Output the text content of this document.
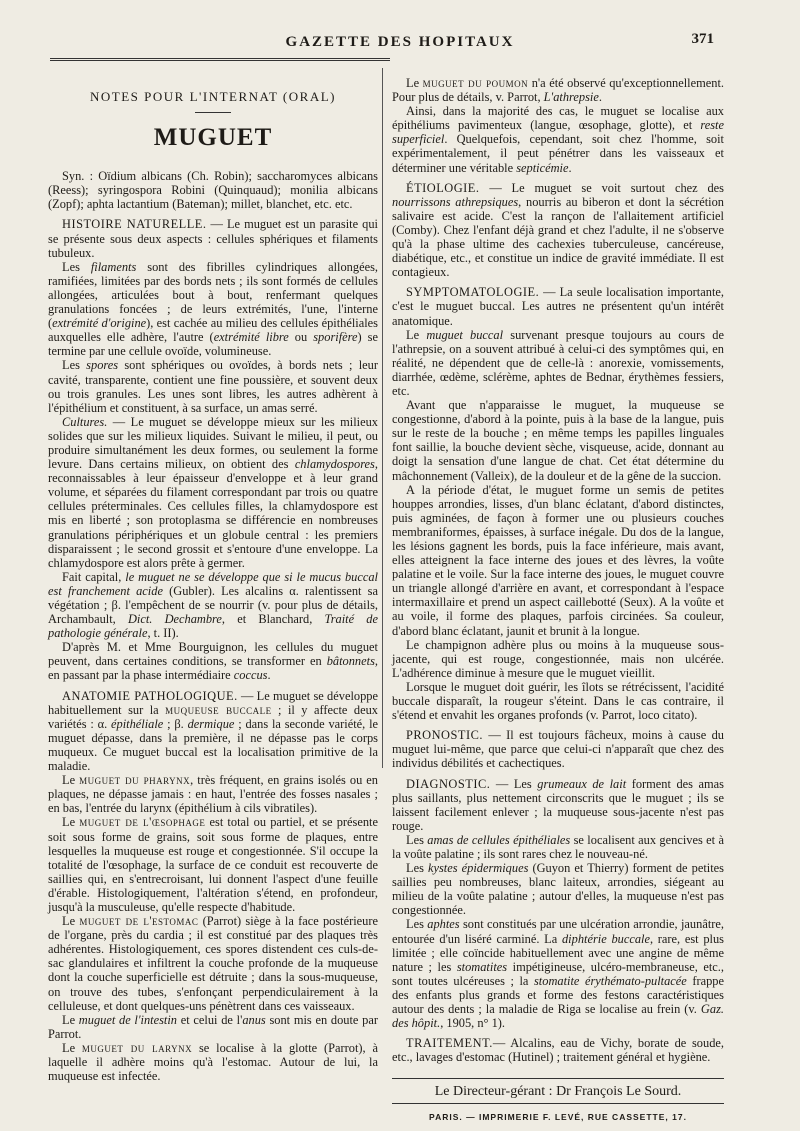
GAZETTE DES HOPITAUX	371
NOTES POUR L'INTERNAT (ORAL)
MUGUET

Syn. : Oïdium albicans (Ch. Robin); saccharomyces albicans (Reess); syringospora Robini (Quinquaud); monilia albicans (Zopf); aphta lactantium (Bateman); millet, blanchet, etc. etc.

HISTOIRE NATURELLE. — Le muguet est un parasite qui se présente sous deux aspects : cellules sphériques et filaments tubuleux.

Les filaments sont des fibrilles cylindriques allongées, ramifiées, limitées par des bords nets ; ils sont formés de cellules allongées, articulées bout à bout, renfermant quelques granulations foncées ; de leurs extrémités, l'une, l'interne (extrémité d'origine), est cachée au milieu des cellules épithéliales auxquelles elle adhère, l'autre (extrémité libre ou sporifère) se termine par une cellule ovoïde, volumineuse.

Les spores sont sphériques ou ovoïdes, à bords nets ; leur cavité, transparente, contient une fine poussière, et souvent deux ou trois granules. Les unes sont libres, les autres adhèrent à l'épithélium et constituent, à sa surface, un amas serré.

Cultures. — Le muguet se développe mieux sur les milieux solides que sur les milieux liquides. Suivant le milieu, il peut, ou produire simultanément les deux formes, ou seulement la forme levure. Dans certains milieux, on obtient des chlamydospores, reconnaissables à leur épaisseur d'enveloppe et à leur grand volume, et séparées du filament correspondant par trois ou quatre cellules préterminales. Ces cellules filles, la chlamydospore est mis en liberté ; son protoplasma se différencie en nombreuses granulations périphériques et un globule central : les premiers disparaissent ; le second grossit et s'entoure d'une enveloppe. La chlamydospore est alors prête à germer.

Fait capital, le muguet ne se développe que si le mucus buccal est franchement acide (Gubler). Les alcalins α. ralentissent sa végétation ; β. l'empêchent de se nourrir (v. pour plus de détails, Archambault, Dict. Dechambre, et Blanchard, Traité de pathologie générale, t. II).

D'après M. et Mme Bourguignon, les cellules du muguet peuvent, dans certaines conditions, se transformer en bâtonnets, en passant par la phase intermédiaire coccus.

ANATOMIE PATHOLOGIQUE. — Le muguet se développe habituellement sur la muqueuse buccale ; il y affecte deux variétés : α. épithéliale ; β. dermique ; dans la seconde variété, le muguet dépasse, dans la première, il ne dépasse pas le corps muqueux. Ce muguet buccal est la localisation primitive de la maladie.

Le muguet du pharynx, très fréquent, en grains isolés ou en plaques, ne dépasse jamais : en haut, l'entrée des fosses nasales ; en bas, l'entrée du larynx (épithélium à cils vibratiles).

Le muguet de l'œsophage est total ou partiel, et se présente soit sous forme de grains, soit sous forme de plaques, entre lesquelles la muqueuse est rouge et congestionnée. S'il occupe la totalité de l'œsophage, la surface de ce conduit est recouverte de saillies qui, en s'entrecroisant, lui donnent l'aspect d'une feuille d'érable. Histologiquement, l'altération s'étend, en profondeur, jusqu'à la musculeuse, qu'elle respecte d'habitude.

Le muguet de l'estomac (Parrot) siège à la face postérieure de l'organe, près du cardia ; il est constitué par des plaques très adhérentes. Histologiquement, ces spores distendent ces culs-de-sac glandulaires et infiltrent la couche profonde de la muqueuse dont la couche superficielle est détruite ; dans la sous-muqueuse, on trouve des tubes, s'enfonçant perpendiculairement à la celluleuse, et dont quelques-uns pénètrent dans ces vaisseaux.

Le muguet de l'intestin et celui de l'anus sont mis en doute par Parrot.

Le muguet du larynx se localise à la glotte (Parrot), à laquelle il adhère moins qu'à l'estomac. Autour de lui, la muqueuse est infectée.

Le muguet du poumon n'a été observé qu'exceptionnellement. Pour plus de détails, v. Parrot, L'athrepsie.

Ainsi, dans la majorité des cas, le muguet se localise aux épithéliums pavimenteux (langue, œsophage, glotte), et reste superficiel. Quelquefois, cependant, soit chez l'homme, soit expérimentalement, il peut pénétrer dans les vaisseaux et déterminer une véritable septicémie.

ÉTIOLOGIE. — Le muguet se voit surtout chez des nourrissons athrepsiques, nourris au biberon et dont la sécrétion salivaire est acide. C'est la rançon de l'allaitement artificiel (Comby). Chez l'enfant déjà grand et chez l'adulte, il ne s'observe qu'à la phase ultime des cachexies tuberculeuse, cancéreuse, diabétique, etc., et constitue un indice de gravité immédiate. Il est contagieux.

SYMPTOMATOLOGIE. — La seule localisation importante, c'est le muguet buccal. Les autres ne présentent qu'un intérêt anatomique.

Le muguet buccal survenant presque toujours au cours de l'athrepsie, on a souvent attribué à celui-ci des symptômes qui, en réalité, ne dépendent que de celle-là : anorexie, vomissements, diarrhée, œdème, sclérème, aphtes de Bednar, érythèmes fessiers, etc.

Avant que n'apparaisse le muguet, la muqueuse se congestionne, d'abord à la pointe, puis à la base de la langue, puis sur le reste de la bouche ; en même temps les papilles linguales font saillie, la bouche devient sèche, visqueuse, acide, donnant au doigt la sensation d'une langue de chat. Cet état détermine du mâchonnement (Valleix), de la douleur et de la gêne de la succion.

A la période d'état, le muguet forme un semis de petites houppes arrondies, lisses, d'un blanc éclatant, d'abord distinctes, puis agminées, de façon à former une ou plusieurs couches membraniformes, épaisses, à surface inégale. Du dos de la langue, les lésions gagnent les bords, puis la face inférieure, mais avant, elles atteignent la face interne des joues et des lèvres, la voûte palatine et le voile. Sur la face interne des joues, le muguet couvre un triangle allongé d'arrière en avant, et correspondant à l'espace intermaxillaire et prend un aspect caillebotté (Seux). A la voûte et au voile, il forme des plaques, parfois circinées. Sa couleur, d'abord blanc éclatant, jaunit et brunit à la longue.

Le champignon adhère plus ou moins à la muqueuse sous-jacente, qui est rouge, congestionnée, mais non ulcérée. L'adhérence diminue à mesure que le muguet vieillit.

Lorsque le muguet doit guérir, les îlots se rétrécissent, l'acidité buccale disparaît, la rougeur s'éteint. Dans le cas contraire, il s'étend et envahit les organes profonds (v. Parrot, loco citato).

PRONOSTIC. — Il est toujours fâcheux, moins à cause du muguet lui-même, que parce que celui-ci n'apparaît que chez des individus débilités et cachectiques.

DIAGNOSTIC. — Les grumeaux de lait forment des amas plus saillants, plus nettement circonscrits que le muguet ; ils se laissent facilement enlever ; la muqueuse sous-jacente n'est pas rouge.

Les amas de cellules épithéliales se localisent aux gencives et à la voûte palatine ; ils sont rares chez le nouveau-né.

Les kystes épidermiques (Guyon et Thierry) forment de petites saillies peu nombreuses, blanc laiteux, arrondies, siégeant au milieu de la voûte palatine ; autour d'elles, la muqueuse n'est pas congestionnée.

Les aphtes sont constitués par une ulcération arrondie, jaunâtre, entourée d'un liséré carminé. La diphtérie buccale, rare, est plus limitée ; elle coïncide habituellement avec une angine de même nature ; les stomatites impétigineuse, ulcéro-membraneuse, etc., sont toutes ulcéreuses ; la stomatite érythémato-pultacée frappe des enfants plus grands et forme des festons caractéristiques autour des dents ; la maladie de Riga se localise au frein (v. Gaz. des hôpit., 1905, n° 1).

TRAITEMENT.— Alcalins, eau de Vichy, borate de soude, etc., lavages d'estomac (Hutinel) ; traitement général et hygiène.

Le Directeur-gérant : Dr François Le Sourd.
PARIS. — IMPRIMERIE F. LEVÉ, RUE CASSETTE, 17.
